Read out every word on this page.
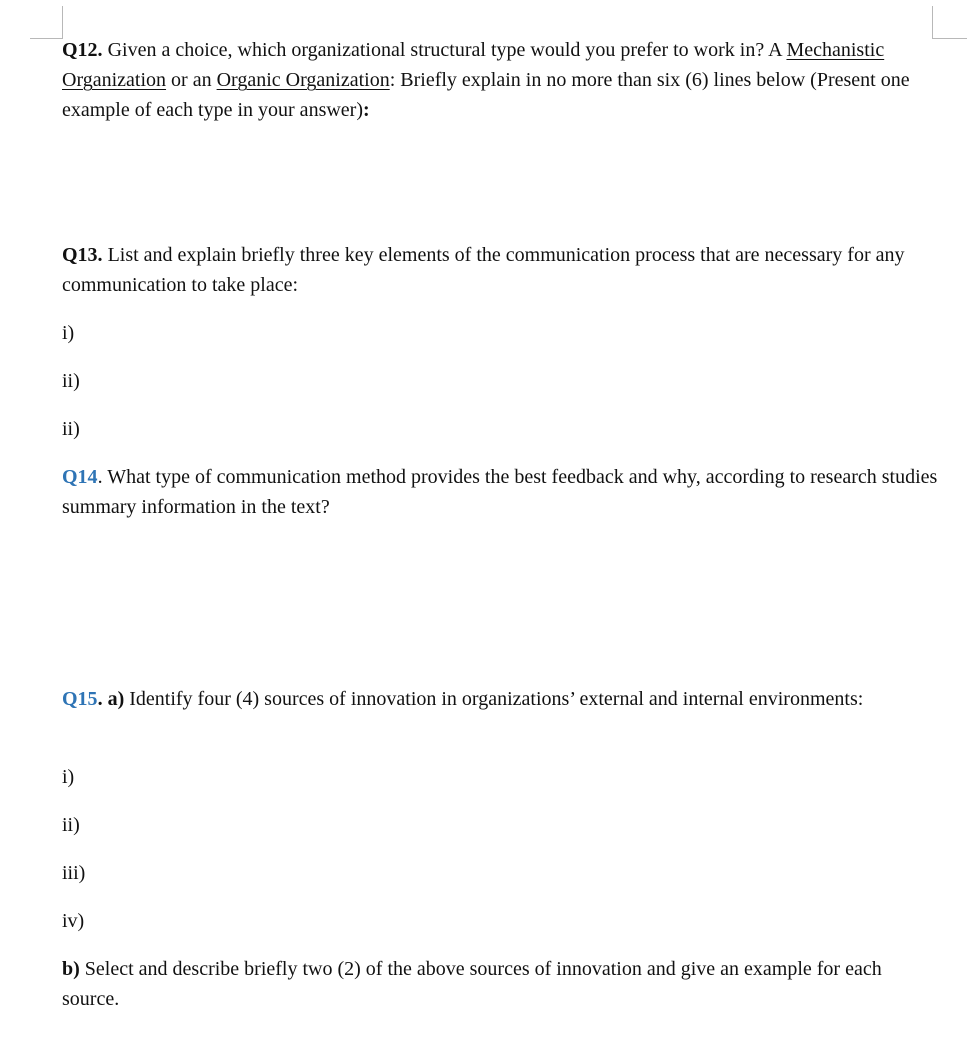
Q12. Given a choice, which organizational structural type would you prefer to work in? A Mechanistic Organization or an Organic Organization: Briefly explain in no more than six (6) lines below (Present one example of each type in your answer):

Q13. List and explain briefly three key elements of the communication process that are necessary for any communication to take place:

i)

ii)

ii)

Q14. What type of communication method provides the best feedback and why, according to research studies summary information in the text?

Q15. a) Identify four (4) sources of innovation in organizations’ external and internal environments:

i)

ii)

iii)

iv)

b) Select and describe briefly two (2) of the above sources of innovation and give an example for each source.
